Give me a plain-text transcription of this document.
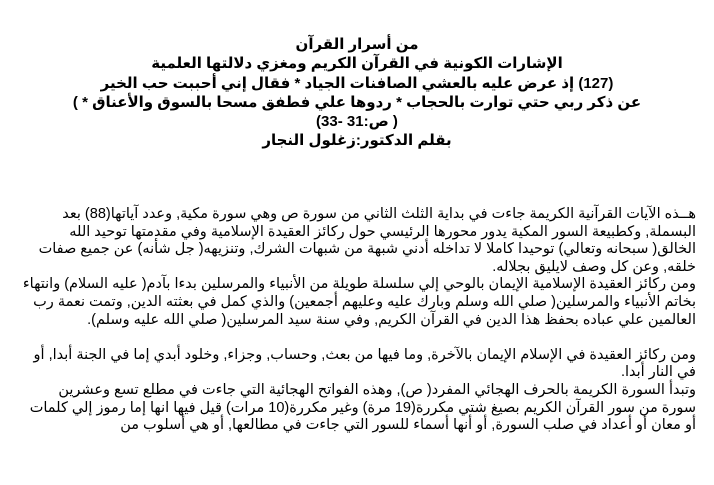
من أسرار القرآن
الإشارات الكونية في القرآن الكريم ومغزي دلالتها العلمية
(127) إذ عرض عليه بالعشي الصافنات الجياد * فقال إني أحببت حب الخير
عن ذكر ربي حتي توارت بالحجاب * ردوها علي فطفق مسحا بالسوق والأعناق * )
( ص:31 -33)
بقلم الدكتور:زغلول النجار

هــذه الآيات القرآنية الكريمة جاءت في بداية الثلث الثاني من سورة ص وهي سورة مكية, وعدد آياتها(88) بعد البسملة, وكطبيعة السور المكية يدور محورها الرئيسي حول ركائز العقيدة الإسلامية وفي مقدمتها توحيد الله الخالق( سبحانه وتعالي) توحيدا كاملا لا تداخله أدني شبهة من شبهات الشرك, وتنزيهه( جل شأنه) عن جميع صفات خلقه, وعن كل وصف لايليق بجلاله.

ومن ركائز العقيدة الإسلامية الإيمان بالوحي إلي سلسلة طويلة من الأنبياء والمرسلين بدءا بآدم( عليه السلام) وانتهاء بخاتم الأنبياء والمرسلين( صلي الله وسلم وبارك عليه وعليهم أجمعين) والذي كمل في بعثته الدين, وتمت نعمة رب العالمين علي عباده بحفظ هذا الدين في القرآن الكريم, وفي سنة سيد المرسلين( صلي الله عليه وسلم).

ومن ركائز العقيدة في الإسلام الإيمان بالآخرة, وما فيها من بعث, وحساب, وجزاء, وخلود أبدي إما في الجنة أبدا, أو في النار أبدا.

وتبدأ السورة الكريمة بالحرف الهجائي المفرد( ص), وهذه الفواتح الهجائية التي جاءت في مطلع تسع وعشرين سورة من سور القرآن الكريم بصيغ شتي مكررة(19 مرة) وغير مكررة(10 مرات) قيل فيها انها إما رموز إلي كلمات أو معان أو أعداد في صلب السورة, أو أنها أسماء للسور التي جاءت في مطالعها, أو هي أسلوب من
